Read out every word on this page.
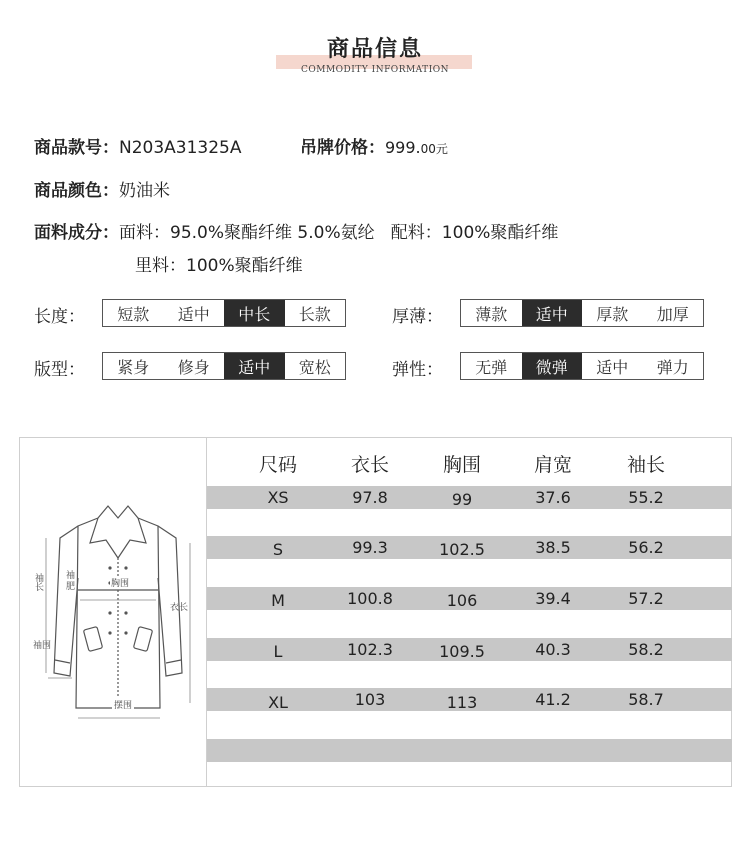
商品信息
COMMODITY INFORMATION
商品款号：N203A31325A	吊牌价格：999.00元
商品颜色：奶油米
面料成分：面料：95.0%聚酯纤维 5.0%氨纶   配料：100%聚酯纤维
里料：100%聚酯纤维
长度：	短款	适中	中长	长款	厚薄：	薄款	适中	厚款	加厚
版型：	紧身	修身	适中	宽松	弹性：	无弹	微弹	适中	弹力
袖长	袖
肥	胸围
衣长
袖围
摆围
尺码	衣长	胸围	肩宽	袖长
XS	97.8	99	37.6	55.2
S	99.3	102.5	38.5	56.2
M	100.8	106	39.4	57.2
L	102.3	109.5	40.3	58.2
XL	103	113	41.2	58.7
